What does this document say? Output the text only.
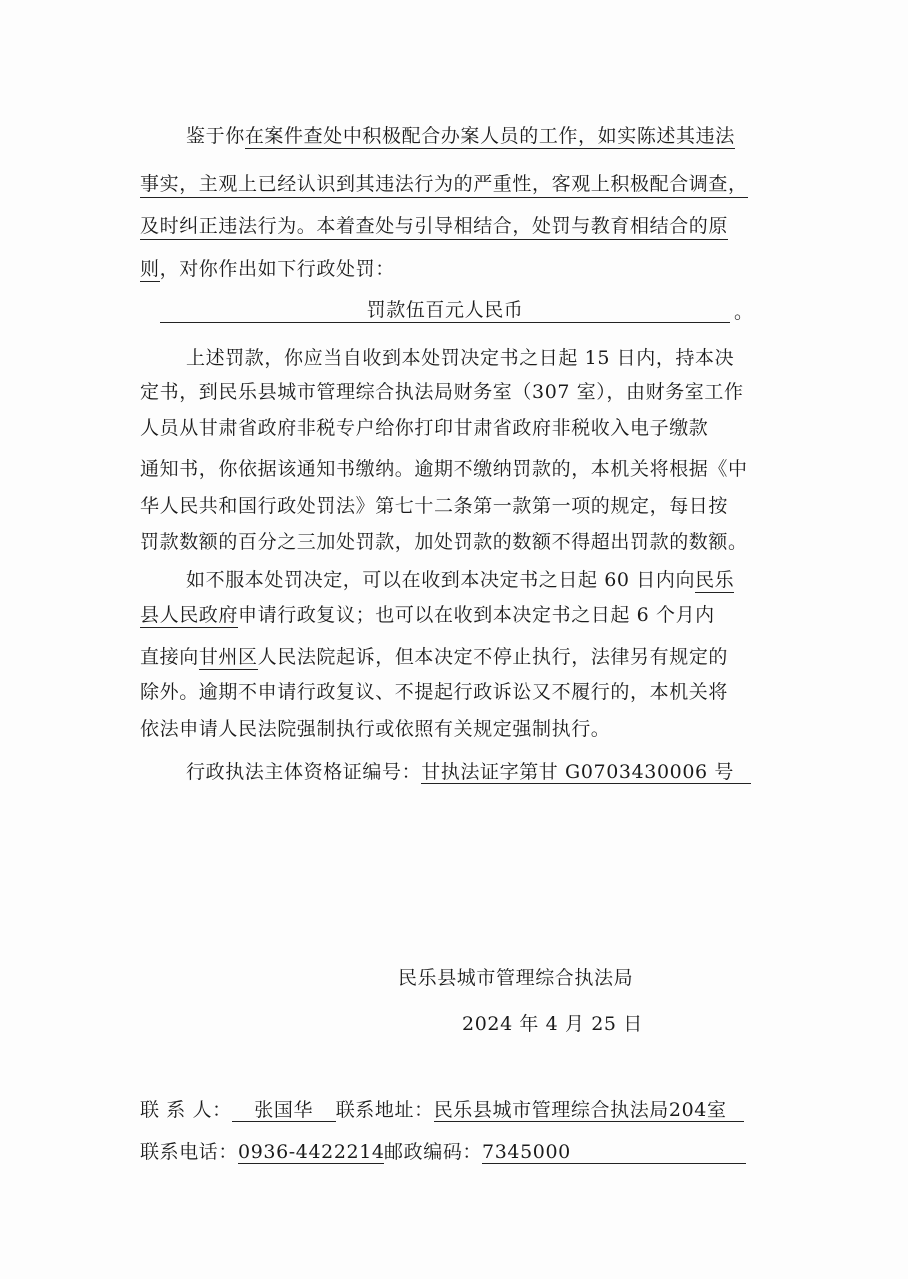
鉴于你在案件查处中积极配合办案人员的工作，如实陈述其违法
事实，主观上已经认识到其违法行为的严重性，客观上积极配合调查，
及时纠正违法行为。本着查处与引导相结合，处罚与教育相结合的原
则，对你作出如下行政处罚：
罚款伍百元人民币	。
上述罚款，你应当自收到本处罚决定书之日起 15 日内，持本决
定书，到民乐县城市管理综合执法局财务室（307 室），由财务室工作
人员从甘肃省政府非税专户给你打印甘肃省政府非税收入电子缴款
通知书，你依据该通知书缴纳。逾期不缴纳罚款的，本机关将根据《中
华人民共和国行政处罚法》第七十二条第一款第一项的规定，每日按
罚款数额的百分之三加处罚款，加处罚款的数额不得超出罚款的数额。
如不服本处罚决定，可以在收到本决定书之日起 60 日内向民乐
县人民政府申请行政复议；也可以在收到本决定书之日起 6 个月内
直接向甘州区人民法院起诉，但本决定不停止执行，法律另有规定的
除外。逾期不申请行政复议、不提起行政诉讼又不履行的，本机关将
依法申请人民法院强制执行或依照有关规定强制执行。
行政执法主体资格证编号：甘执法证字第甘 G0703430006 号
民乐县城市管理综合执法局
2024 年 4 月 25 日
联 系 人： 张国华 联系地址：民乐县城市管理综合执法局204室
联系电话：0936-4422214邮政编码：7345000
